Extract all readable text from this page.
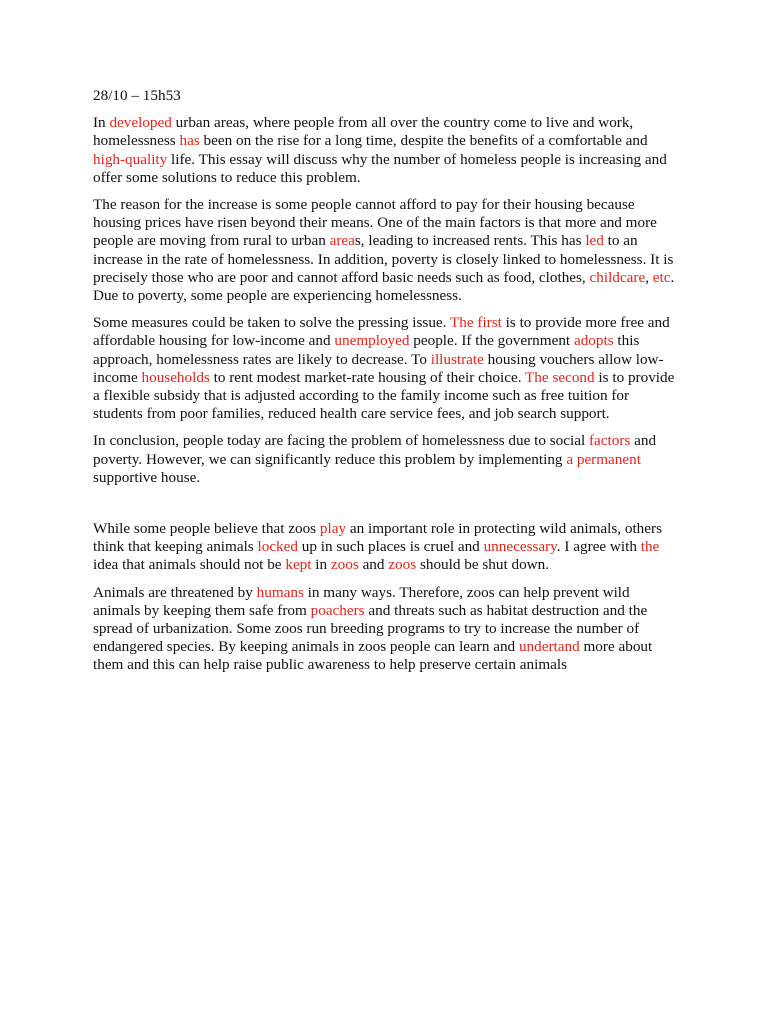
28/10 – 15h53

In developed urban areas, where people from all over the country come to live and work, homelessness has been on the rise for a long time, despite the benefits of a comfortable and high-quality life. This essay will discuss why the number of homeless people is increasing and offer some solutions to reduce this problem.

The reason for the increase is some people cannot afford to pay for their housing because housing prices have risen beyond their means. One of the main factors is that more and more people are moving from rural to urban areas, leading to increased rents. This has led to an increase in the rate of homelessness. In addition, poverty is closely linked to homelessness. It is precisely those who are poor and cannot afford basic needs such as food, clothes, childcare, etc. Due to poverty, some people are experiencing homelessness.

Some measures could be taken to solve the pressing issue. The first is to provide more free and affordable housing for low-income and unemployed people. If the government adopts this approach, homelessness rates are likely to decrease. To illustrate housing vouchers allow low-income households to rent modest market-rate housing of their choice. The second is to provide a flexible subsidy that is adjusted according to the family income such as free tuition for students from poor families, reduced health care service fees, and job search support.

In conclusion, people today are facing the problem of homelessness due to social factors and poverty. However, we can significantly reduce this problem by implementing a permanent supportive house.

While some people believe that zoos play an important role in protecting wild animals, others think that keeping animals locked up in such places is cruel and unnecessary. I agree with the idea that animals should not be kept in zoos and zoos should be shut down.

Animals are threatened by humans in many ways. Therefore, zoos can help prevent wild animals by keeping them safe from poachers and threats such as habitat destruction and the spread of urbanization. Some zoos run breeding programs to try to increase the number of endangered species. By keeping animals in zoos people can learn and undertand more about them and this can help raise public awareness to help preserve certain animals
